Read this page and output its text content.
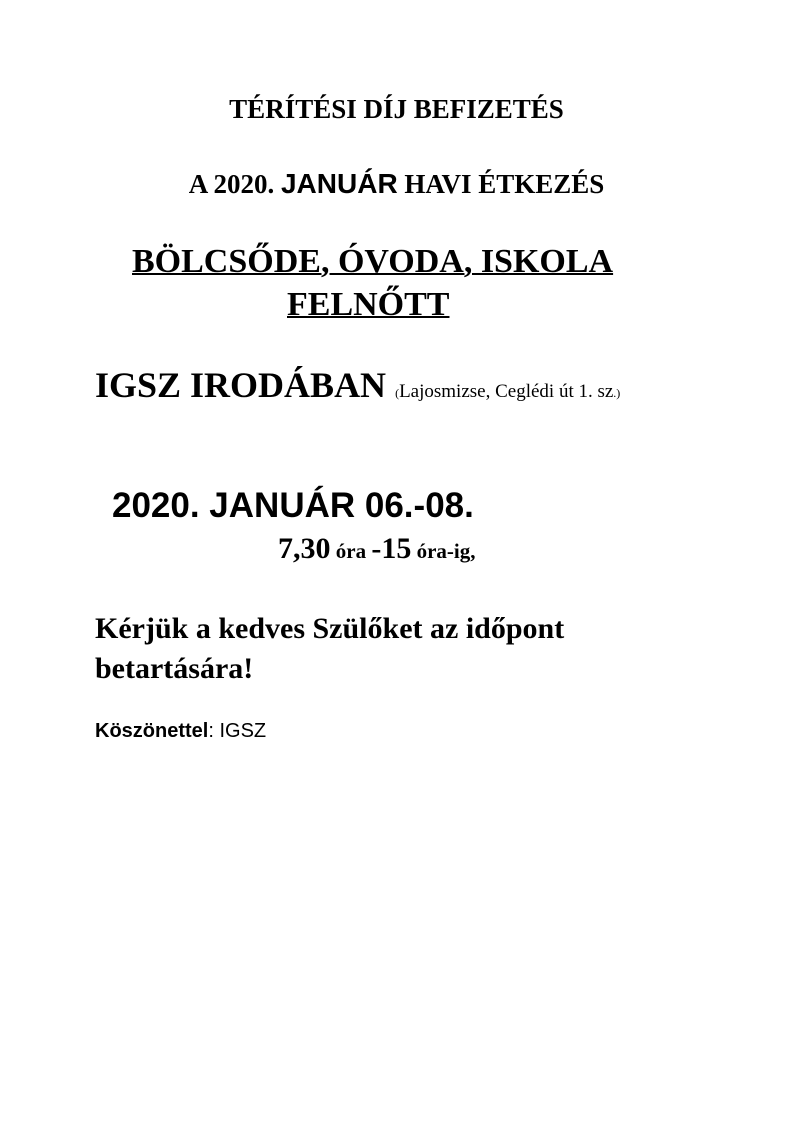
TÉRÍTÉSI DÍJ BEFIZETÉS
A 2020. JANUÁR HAVI ÉTKEZÉS
BÖLCSŐDE, ÓVODA, ISKOLA
FELNŐTT
IGSZ IRODÁBAN (Lajosmizse, Ceglédi út 1. sz.)
2020. JANUÁR 06.-08.
7,30 óra -15 óra-ig,
Kérjük a kedves Szülőket az időpont
betartására!
Köszönettel: IGSZ
